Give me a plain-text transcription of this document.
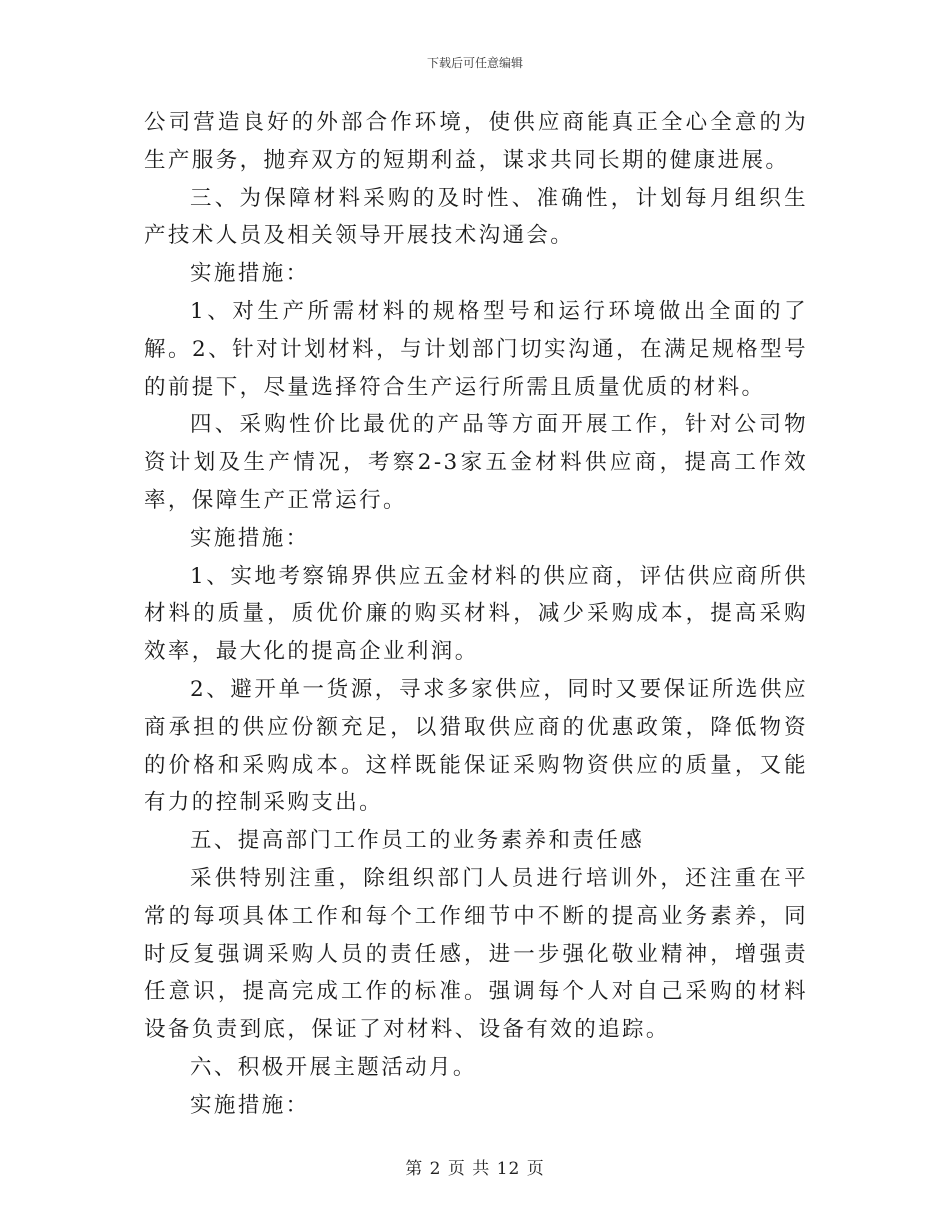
下载后可任意编辑

公司营造良好的外部合作环境，使供应商能真正全心全意的为生产服务，抛弃双方的短期利益，谋求共同长期的健康进展。

三、为保障材料采购的及时性、准确性，计划每月组织生产技术人员及相关领导开展技术沟通会。

实施措施：

1、对生产所需材料的规格型号和运行环境做出全面的了解。2、针对计划材料，与计划部门切实沟通，在满足规格型号的前提下，尽量选择符合生产运行所需且质量优质的材料。

四、采购性价比最优的产品等方面开展工作，针对公司物资计划及生产情况，考察2-3家五金材料供应商，提高工作效率，保障生产正常运行。

实施措施：

1、实地考察锦界供应五金材料的供应商，评估供应商所供材料的质量，质优价廉的购买材料，减少采购成本，提高采购效率，最大化的提高企业利润。

2、避开单一货源，寻求多家供应，同时又要保证所选供应商承担的供应份额充足，以猎取供应商的优惠政策，降低物资的价格和采购成本。这样既能保证采购物资供应的质量，又能有力的控制采购支出。

五、提高部门工作员工的业务素养和责任感

采供特别注重，除组织部门人员进行培训外，还注重在平常的每项具体工作和每个工作细节中不断的提高业务素养，同时反复强调采购人员的责任感，进一步强化敬业精神，增强责任意识，提高完成工作的标准。强调每个人对自己采购的材料设备负责到底，保证了对材料、设备有效的追踪。

六、积极开展主题活动月。

实施措施：

第 2 页 共 12 页
